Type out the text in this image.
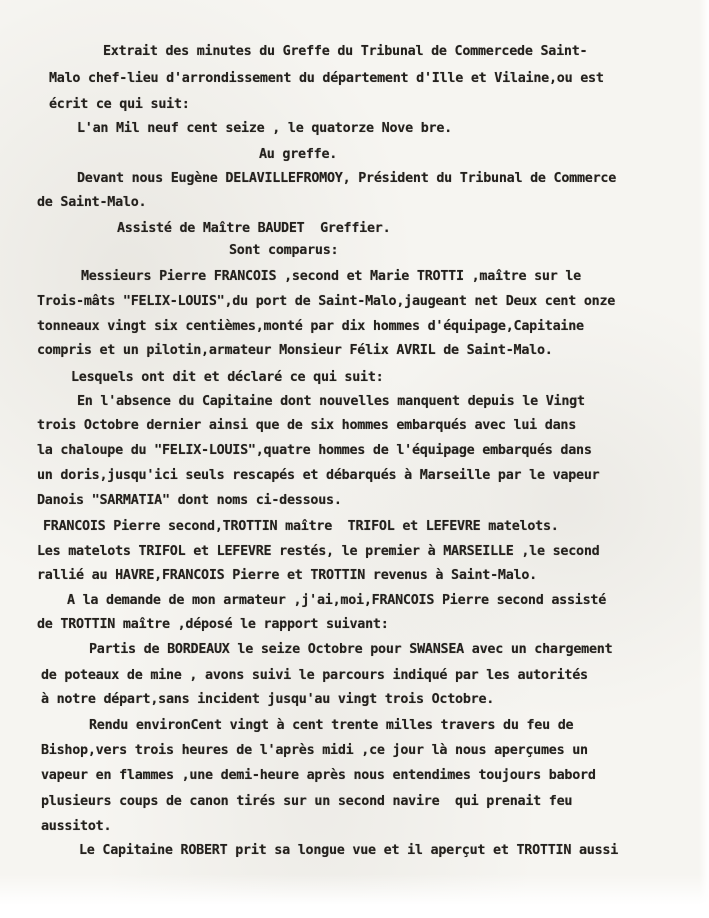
Extrait des minutes du Greffe du Tribunal de Commercede Saint-

Malo chef-lieu d'arrondissement du département d'Ille et Vilaine,ou est

écrit ce qui suit:

L'an Mil neuf cent seize , le quatorze Nove bre.

Au greffe.

Devant nous Eugène DELAVILLEFROMOY, Président du Tribunal de Commerce

de Saint-Malo.

Assisté de Maître BAUDET  Greffier.

Sont comparus:

Messieurs Pierre FRANCOIS ,second et Marie TROTTI ,maître sur le

Trois-mâts "FELIX-LOUIS",du port de Saint-Malo,jaugeant net Deux cent onze

tonneaux vingt six centièmes,monté par dix hommes d'équipage,Capitaine

compris et un pilotin,armateur Monsieur Félix AVRIL de Saint-Malo.

Lesquels ont dit et déclaré ce qui suit:

En l'absence du Capitaine dont nouvelles manquent depuis le Vingt

trois Octobre dernier ainsi que de six hommes embarqués avec lui dans

la chaloupe du "FELIX-LOUIS",quatre hommes de l'équipage embarqués dans

un doris,jusqu'ici seuls rescapés et débarqués à Marseille par le vapeur

Danois "SARMATIA" dont noms ci-dessous.

FRANCOIS Pierre second,TROTTIN maître  TRIFOL et LEFEVRE matelots.

Les matelots TRIFOL et LEFEVRE restés, le premier à MARSEILLE ,le second

rallié au HAVRE,FRANCOIS Pierre et TROTTIN revenus à Saint-Malo.

A la demande de mon armateur ,j'ai,moi,FRANCOIS Pierre second assisté

de TROTTIN maître ,déposé le rapport suivant:

Partis de BORDEAUX le seize Octobre pour SWANSEA avec un chargement

de poteaux de mine , avons suivi le parcours indiqué par les autorités

à notre départ,sans incident jusqu'au vingt trois Octobre.

Rendu environCent vingt à cent trente milles travers du feu de

Bishop,vers trois heures de l'après midi ,ce jour là nous aperçumes un

vapeur en flammes ,une demi-heure après nous entendimes toujours babord

plusieurs coups de canon tirés sur un second navire  qui prenait feu

aussitot.

Le Capitaine ROBERT prit sa longue vue et il aperçut et TROTTIN aussi
